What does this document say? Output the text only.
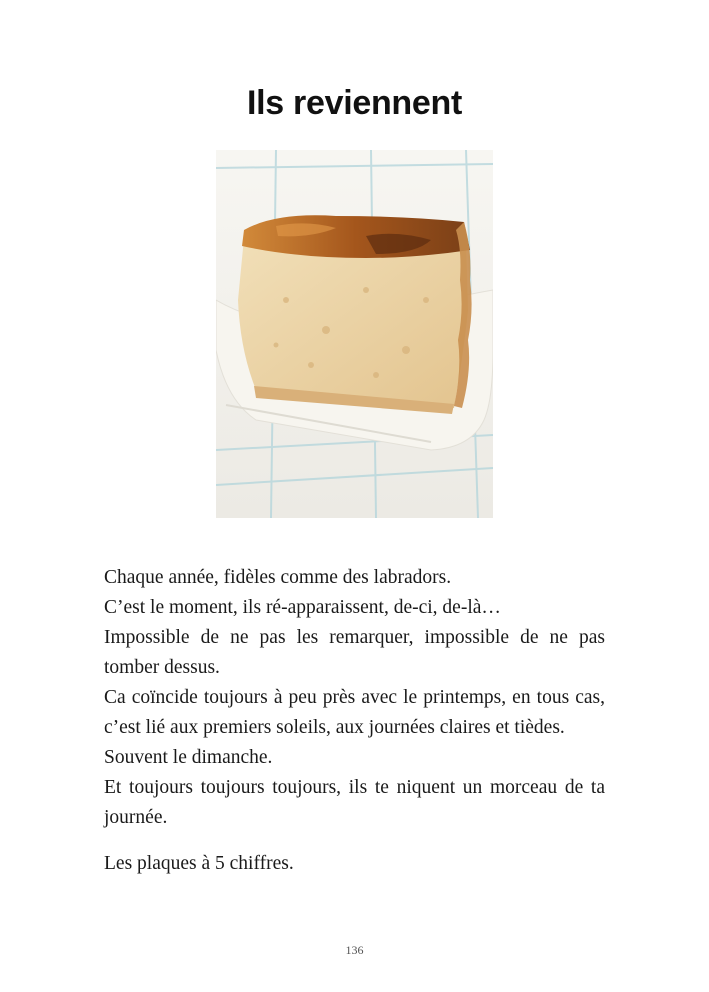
Ils reviennent

Chaque année, fidèles comme des labradors.

C’est le moment, ils ré-apparaissent, de-ci, de-là…

Impossible de ne pas les remarquer, impossible de ne pas tomber dessus.

Ca coïncide toujours à peu près avec le printemps, en tous cas, c’est lié aux premiers soleils, aux journées claires et tièdes.

Souvent le dimanche.

Et toujours toujours toujours, ils te niquent un morceau de ta journée.

Les plaques à 5 chiffres.

136
